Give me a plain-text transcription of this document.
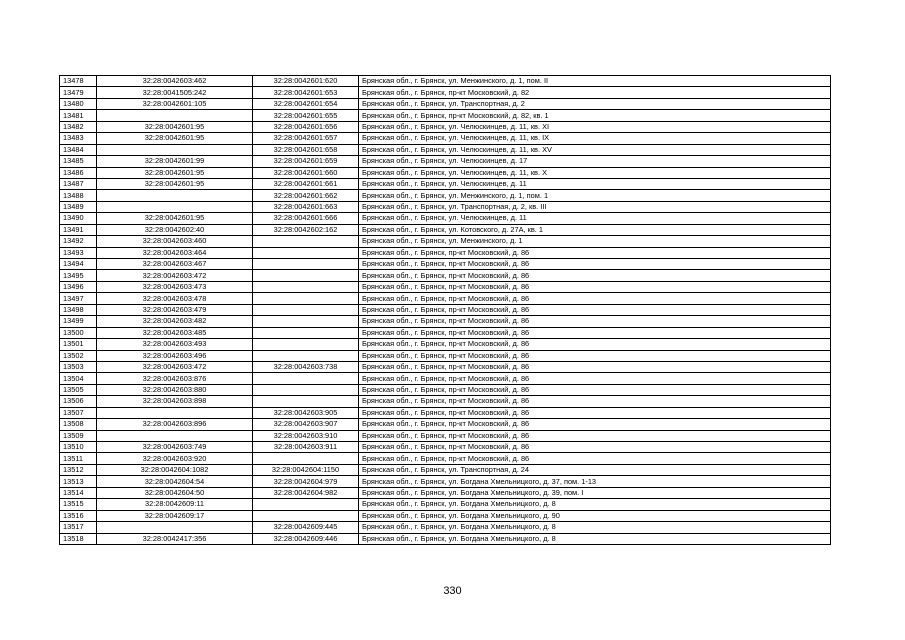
13478	32:28:0042603:462	32:28:0042601:620	Брянская обл., г. Брянск, ул. Менжинского, д. 1, пом. II
13479	32:28:0041505:242	32:28:0042601:653	Брянская обл., г. Брянск, пр-кт Московский, д. 82
13480	32:28:0042601:105	32:28:0042601:654	Брянская обл., г. Брянск, ул. Транспортная, д. 2
13481		32:28:0042601:655	Брянская обл., г. Брянск, пр-кт Московский, д. 82, кв. 1
13482	32:28:0042601:95	32:28:0042601:656	Брянская обл., г. Брянск, ул. Челюскинцев, д. 11, кв. XI
13483	32:28:0042601:95	32:28:0042601:657	Брянская обл., г. Брянск, ул. Челюскинцев, д. 11, кв. IX
13484		32:28:0042601:658	Брянская обл., г. Брянск, ул. Челюскинцев, д. 11, кв. XV
13485	32:28:0042601:99	32:28:0042601:659	Брянская обл., г. Брянск, ул. Челюскинцев, д. 17
13486	32:28:0042601:95	32:28:0042601:660	Брянская обл., г. Брянск, ул. Челюскинцев, д. 11, кв. X
13487	32:28:0042601:95	32:28:0042601:661	Брянская обл., г. Брянск, ул. Челюскинцев, д. 11
13488		32:28:0042601:662	Брянская обл., г. Брянск, ул. Менжинского, д. 1, пом. 1
13489		32:28:0042601:663	Брянская обл., г. Брянск, ул. Транспортная, д. 2, кв. III
13490	32:28:0042601:95	32:28:0042601:666	Брянская обл., г. Брянск, ул. Челюскинцев, д. 11
13491	32:28:0042602:40	32:28:0042602:162	Брянская обл., г. Брянск, ул. Котовского, д. 27А, кв. 1
13492	32:28:0042603:460		Брянская обл., г. Брянск, ул. Менжинского, д. 1
13493	32:28:0042603:464		Брянская обл., г. Брянск, пр-кт Московский, д. 86
13494	32:28:0042603:467		Брянская обл., г. Брянск, пр-кт Московский, д. 86
13495	32:28:0042603:472		Брянская обл., г. Брянск, пр-кт Московский, д. 86
13496	32:28:0042603:473		Брянская обл., г. Брянск, пр-кт Московский, д. 86
13497	32:28:0042603:478		Брянская обл., г. Брянск, пр-кт Московский, д. 86
13498	32:28:0042603:479		Брянская обл., г. Брянск, пр-кт Московский, д. 86
13499	32:28:0042603:482		Брянская обл., г. Брянск, пр-кт Московский, д. 86
13500	32:28:0042603:485		Брянская обл., г. Брянск, пр-кт Московский, д. 86
13501	32:28:0042603:493		Брянская обл., г. Брянск, пр-кт Московский, д. 86
13502	32:28:0042603:496		Брянская обл., г. Брянск, пр-кт Московский, д. 86
13503	32:28:0042603:472	32:28:0042603:738	Брянская обл., г. Брянск, пр-кт Московский, д. 86
13504	32:28:0042603:876		Брянская обл., г. Брянск, пр-кт Московский, д. 86
13505	32:28:0042603:880		Брянская обл., г. Брянск, пр-кт Московский, д. 86
13506	32:28:0042603:898		Брянская обл., г. Брянск, пр-кт Московский, д. 86
13507		32:28:0042603:905	Брянская обл., г. Брянск, пр-кт Московский, д. 86
13508	32:28:0042603:896	32:28:0042603:907	Брянская обл., г. Брянск, пр-кт Московский, д. 86
13509		32:28:0042603:910	Брянская обл., г. Брянск, пр-кт Московский, д. 86
13510	32:28:0042603:749	32:28:0042603:911	Брянская обл., г. Брянск, пр-кт Московский, д. 86
13511	32:28:0042603:920		Брянская обл., г. Брянск, пр-кт Московский, д. 86
13512	32:28:0042604:1082	32:28:0042604:1150	Брянская обл., г. Брянск, ул. Транспортная, д. 24
13513	32:28:0042604:54	32:28:0042604:979	Брянская обл., г. Брянск, ул. Богдана Хмельницкого, д. 37, пом. 1-13
13514	32:28:0042604:50	32:28:0042604:982	Брянская обл., г. Брянск, ул. Богдана Хмельницкого, д. 39, пом. I
13515	32:28:0042609:11		Брянская обл., г. Брянск, ул. Богдана Хмельницкого, д. 8
13516	32:28:0042609:17		Брянская обл., г. Брянск, ул. Богдана Хмельницкого, д. 90
13517		32:28:0042609:445	Брянская обл., г. Брянск, ул. Богдана Хмельницкого, д. 8
13518	32:28:0042417:356	32:28:0042609:446	Брянская обл., г. Брянск, ул. Богдана Хмельницкого, д. 8
330
